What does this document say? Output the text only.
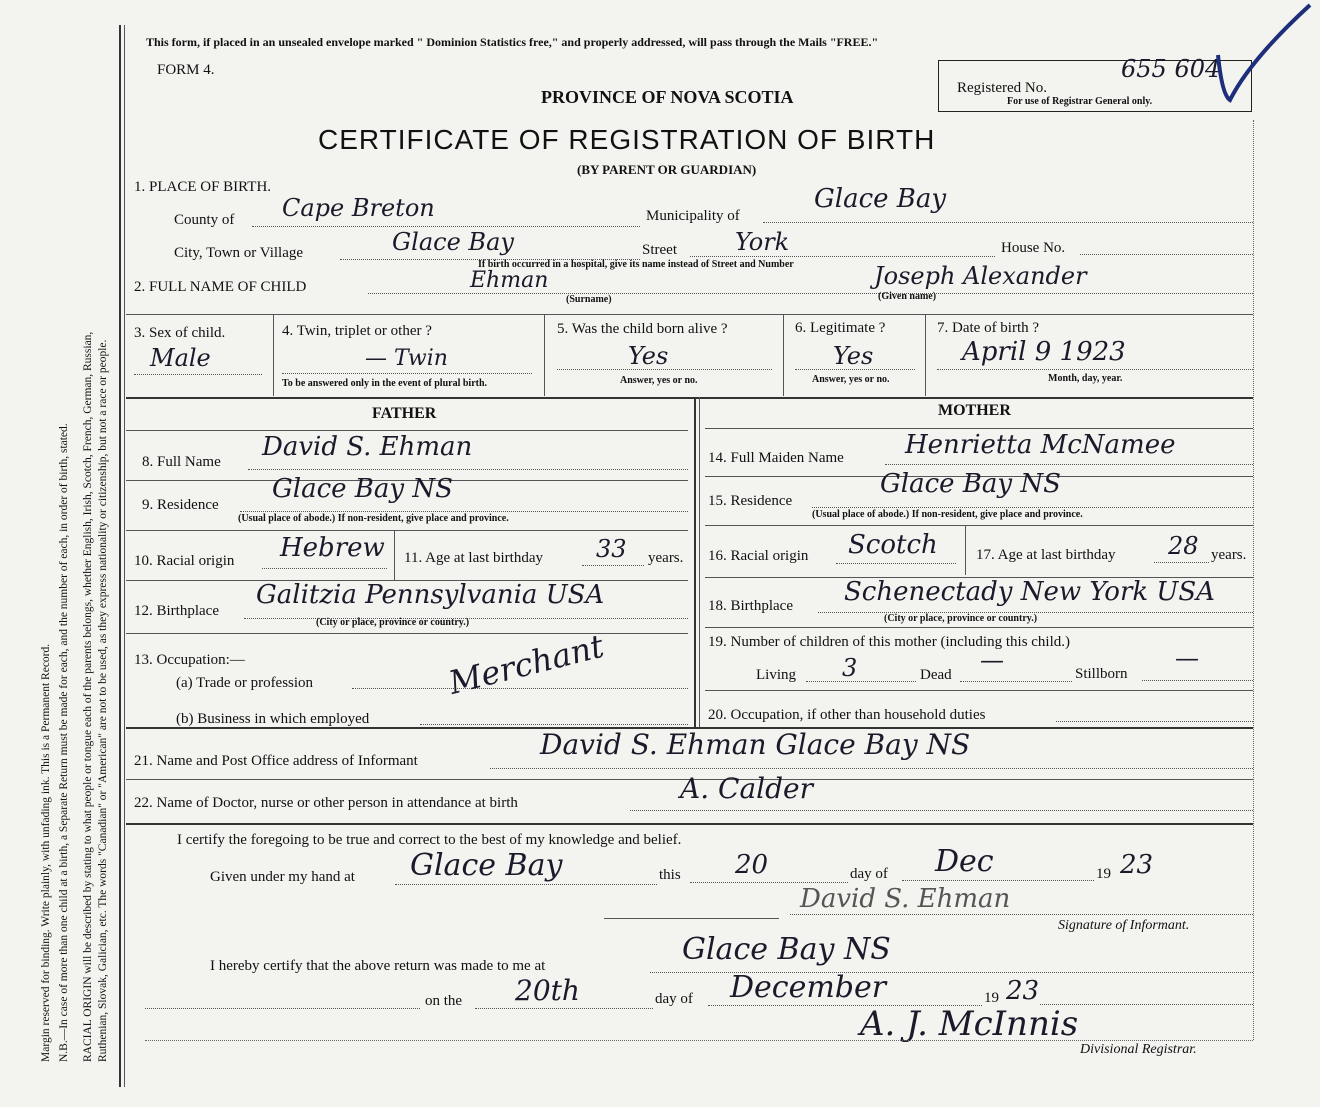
Margin reserved for binding. Write plainly, with unfading ink. This is a Permanent Record. N.B.—In case of more than one child at a birth, a Separate Return must be made for each, and the number of each, in order of birth, stated. RACIAL ORIGIN will be described by stating to what people or tongue each of the parents belongs, whether English, Irish, Scotch, French, German, Russian, Ruthenian, Slovak, Galician, etc. The words "Canadian" or "American" are not to be used, as they express nationality or citizenship, but not a race or people.
This form, if placed in an unsealed envelope marked " Dominion Statistics free," and properly addressed, will pass through the Mails "FREE."
FORM 4.
PROVINCE OF NOVA SCOTIA	Registered No.
655 604
For use of Registrar General only.
CERTIFICATE OF REGISTRATION OF BIRTH
(BY PARENT OR GUARDIAN)
1. PLACE OF BIRTH.
County of Cape Breton	Municipality of
Glace Bay
City, Town or Village	Glace Bay	Street York	House No.
If birth occurred in a hospital, give its name instead of Street and Number
2. FULL NAME OF CHILD	Ehman
(Surname)
Joseph Alexander
(Given name)
3. Sex of child.
Male
4. Twin, triplet or other ?
— Twin
To be answered only in the event of plural birth.
5. Was the child born alive ?
Yes
Answer, yes or no.
6. Legitimate ?
Yes
Answer, yes or no.
7. Date of birth ?
April 9 1923
Month, day, year.
FATHER	MOTHER
8. Full Name David S. Ehman
9. Residence
Glace Bay NS
(Usual place of abode.) If non-resident, give place and province.
10. Racial origin Hebrew 11. Age at last birthday 33 years.
12. Birthplace
Galitzia Pennsylvania USA
(City or place, province or country.)
13. Occupation:—
(a) Trade or profession
(b) Business in which employed
Merchant
14. Full Maiden Name Henrietta McNamee
15. Residence
Glace Bay NS
(Usual place of abode.) If non-resident, give place and province.
16. Racial origin Scotch	17. Age at last birthday 28 years.
18. Birthplace Schenectady New York USA
(City or place, province or country.)
19. Number of children of this mother (including this child.)
Living 3	Dead
—	Stillborn
—
20. Occupation, if other than household duties
21. Name and Post Office address of Informant	David S. Ehman Glace Bay NS
22. Name of Doctor, nurse or other person in attendance at birth	A. Calder
I certify the foregoing to be true and correct to the best of my knowledge and belief.
Given under my hand at Glace Bay	this 20	day of Dec	19 23
David S. Ehman
Signature of Informant.
I hereby certify that the above return was made to me at	Glace Bay NS
on the 20th	day of December	19 23
A. J. McInnis
Divisional Registrar.
